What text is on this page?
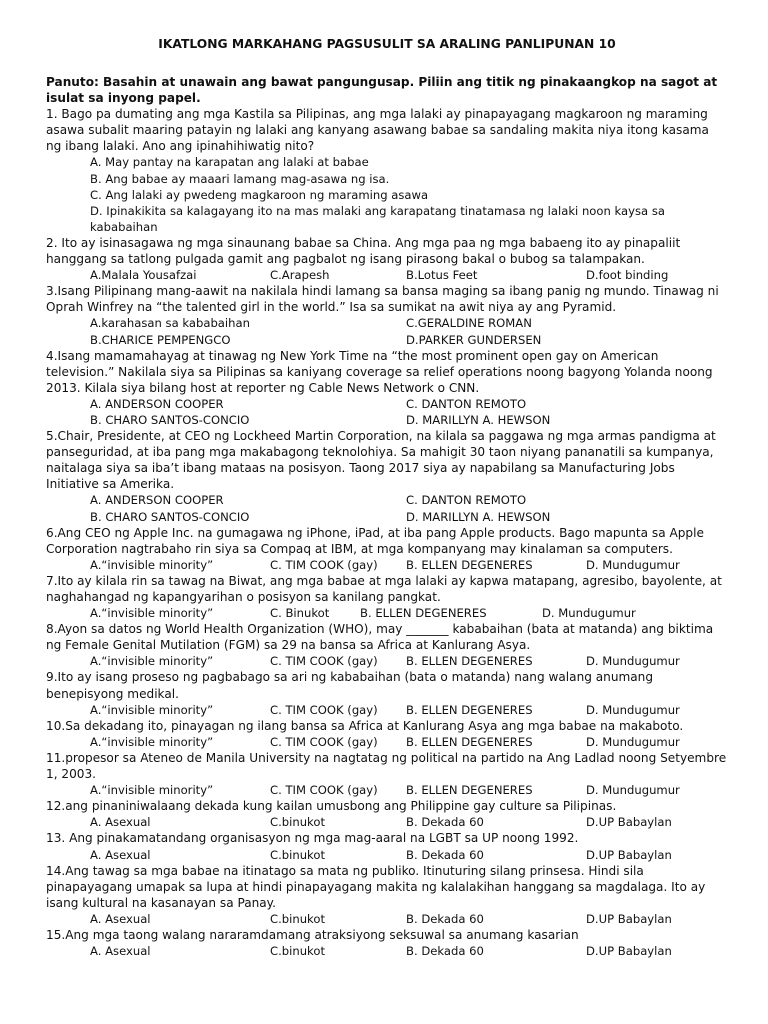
IKATLONG MARKAHANG PAGSUSULIT SA ARALING PANLIPUNAN 10

Panuto: Basahin at unawain ang bawat pangungusap. Piliin ang titik ng pinakaangkop na sagot at isulat sa inyong papel.

1. Bago pa dumating ang mga Kastila sa Pilipinas, ang mga lalaki ay pinapayagang magkaroon ng maraming asawa subalit maaring patayin ng lalaki ang kanyang asawang babae sa sandaling makita niya itong kasama ng ibang lalaki. Ano ang ipinahihiwatig nito?

A. May pantay na karapatan ang lalaki at babae
B. Ang babae ay maaari lamang mag-asawa ng isa.
C. Ang lalaki ay pwedeng magkaroon ng maraming asawa
D. Ipinakikita sa kalagayang ito na mas malaki ang karapatang tinatamasa ng lalaki noon kaysa sa kababaihan

2. Ito ay isinasagawa ng mga sinaunang babae sa China. Ang mga paa ng mga babaeng ito ay pinapaliit hanggang sa tatlong pulgada gamit ang pagbalot ng isang pirasong bakal o bubog sa talampakan.

A.Malala Yousafzai	C.Arapesh	B.Lotus Feet	D.foot binding

3.Isang Pilipinang mang-aawit na nakilala hindi lamang sa bansa maging sa ibang panig ng mundo. Tinawag ni Oprah Winfrey na “the talented girl in the world.” Isa sa sumikat na awit niya ay ang Pyramid.

A.karahasan sa kababaihan	C.GERALDINE ROMAN
B.CHARICE PEMPENGCO	D.PARKER GUNDERSEN

4.Isang mamamahayag at tinawag ng New York Time na “the most prominent open gay on American television.” Nakilala siya sa Pilipinas sa kaniyang coverage sa relief operations noong bagyong Yolanda noong 2013. Kilala siya bilang host at reporter ng Cable News Network o CNN.

A. ANDERSON COOPER	C. DANTON REMOTO
B. CHARO SANTOS-CONCIO	D. MARILLYN A. HEWSON

5.Chair, Presidente, at CEO ng Lockheed Martin Corporation, na kilala sa paggawa ng mga armas pandigma at panseguridad, at iba pang mga makabagong teknolohiya. Sa mahigit 30 taon niyang pananatili sa kumpanya, naitalaga siya sa iba’t ibang mataas na posisyon. Taong 2017 siya ay napabilang sa Manufacturing Jobs Initiative sa Amerika.

A. ANDERSON COOPER	C. DANTON REMOTO
B. CHARO SANTOS-CONCIO	D. MARILLYN A. HEWSON

6.Ang CEO ng Apple Inc. na gumagawa ng iPhone, iPad, at iba pang Apple products. Bago mapunta sa Apple Corporation nagtrabaho rin siya sa Compaq at IBM, at mga kompanyang may kinalaman sa computers.

A.“invisible minority”	C. TIM COOK (gay)	B. ELLEN DEGENERES	D. Mundugumur

7.Ito ay kilala rin sa tawag na Biwat, ang mga babae at mga lalaki ay kapwa matapang, agresibo, bayolente, at naghahangad ng kapangyarihan o posisyon sa kanilang pangkat.

A.“invisible minority”	C. Binukot	B. ELLEN DEGENERES	D. Mundugumur

8.Ayon sa datos ng World Health Organization (WHO), may _______ kababaihan (bata at matanda) ang biktima ng Female Genital Mutilation (FGM) sa 29 na bansa sa Africa at Kanlurang Asya.

A.“invisible minority”	C. TIM COOK (gay)	B. ELLEN DEGENERES	D. Mundugumur

9.Ito ay isang proseso ng pagbabago sa ari ng kababaihan (bata o matanda) nang walang anumang benepisyong medikal.

A.“invisible minority”	C. TIM COOK (gay)	B. ELLEN DEGENERES	D. Mundugumur

10.Sa dekadang ito, pinayagan ng ilang bansa sa Africa at Kanlurang Asya ang mga babae na makaboto.

A.“invisible minority”	C. TIM COOK (gay)	B. ELLEN DEGENERES	D. Mundugumur

11.propesor sa Ateneo de Manila University na nagtatag ng political na partido na Ang Ladlad noong Setyembre 1, 2003.

A.“invisible minority”	C. TIM COOK (gay)	B. ELLEN DEGENERES	D. Mundugumur

12.ang pinaniniwalaang dekada kung kailan umusbong ang Philippine gay culture sa Pilipinas.

A. Asexual	C.binukot	B. Dekada 60	D.UP Babaylan

13. Ang pinakamatandang organisasyon ng mga mag-aaral na LGBT sa UP noong 1992.

A. Asexual	C.binukot	B. Dekada 60	D.UP Babaylan

14.Ang tawag sa mga babae na itinatago sa mata ng publiko. Itinuturing silang prinsesa. Hindi sila pinapayagang umapak sa lupa at hindi pinapayagang makita ng kalalakihan hanggang sa magdalaga. Ito ay isang kultural na kasanayan sa Panay.

A. Asexual	C.binukot	B. Dekada 60	D.UP Babaylan

15.Ang mga taong walang nararamdamang atraksiyong seksuwal sa anumang kasarian

A. Asexual	C.binukot	B. Dekada 60	D.UP Babaylan
